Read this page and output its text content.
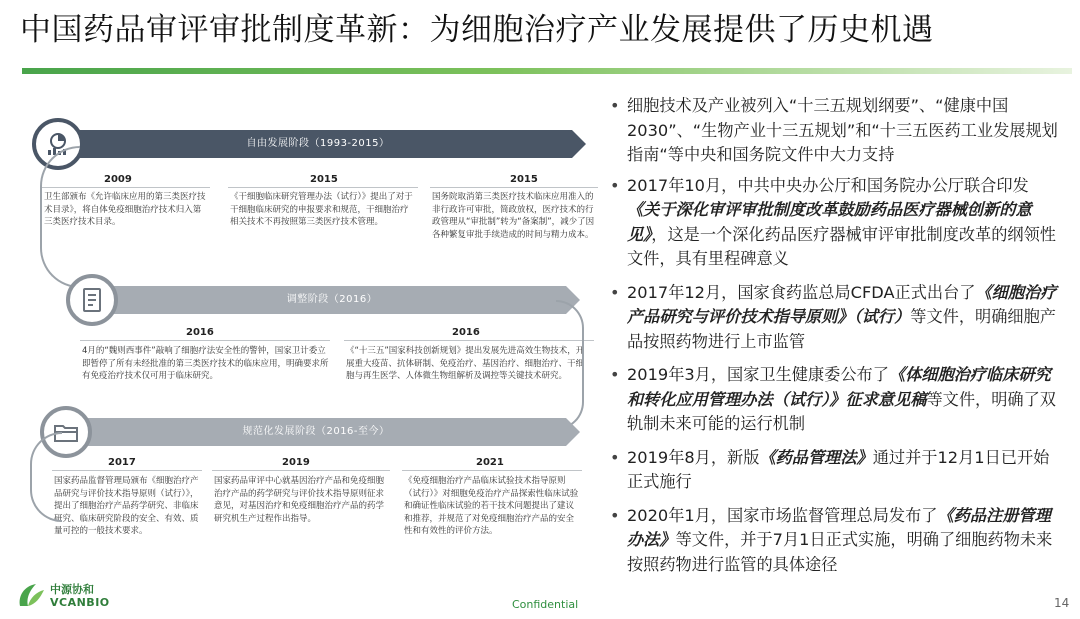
中国药品审评审批制度革新：为细胞治疗产业发展提供了历史机遇
自由发展阶段（1993-2015）
2009
卫生部颁布《允许临床应用的第三类医疗技术目录》，将自体免疫细胞治疗技术归入第三类医疗技术目录。
2015
《干细胞临床研究管理办法（试行）》提出了对于干细胞临床研究的申报要求和规范，干细胞治疗相关技术不再按照第三类医疗技术管理。
2015
国务院取消第三类医疗技术临床应用准入的非行政许可审批，简政放权，医疗技术的行政管理从“审批制”转为“备案制”，减少了因各种繁复审批手续造成的时间与精力成本。
调整阶段（2016）
2016
4月的“魏则西事件”敲响了细胞疗法安全性的警钟，国家卫计委立即暂停了所有未经批准的第三类医疗技术的临床应用，明确要求所有免疫治疗技术仅可用于临床研究。
2016
《“十三五”国家科技创新规划》提出发展先进高效生物技术，开展重大疫苗、抗体研制、免疫治疗、基因治疗、细胞治疗、干细胞与再生医学、人体微生物组解析及调控等关键技术研究。
规范化发展阶段（2016-至今）
2017
国家药品监督管理局颁布《细胞治疗产品研究与评价技术指导原则（试行）》，提出了细胞治疗产品药学研究、非临床研究、临床研究阶段的安全、有效、质量可控的一般技术要求。
2019
国家药品审评中心就基因治疗产品和免疫细胞治疗产品的药学研究与评价技术指导原则征求意见，对基因治疗和免疫细胞治疗产品的药学研究机生产过程作出指导。
2021
《免疫细胞治疗产品临床试验技术指导原则（试行）》对细胞免疫治疗产品探索性临床试验和确证性临床试验的若干技术问题提出了建议和推荐，并规范了对免疫细胞治疗产品的安全性和有效性的评价方法。
• 细胞技术及产业被列入“十三五规划纲要”、“健康中国2030”、“生物产业十三五规划”和“十三五医药工业发展规划指南“等中央和国务院文件中大力支持
• 2017年10月，中共中央办公厅和国务院办公厅联合印发《关于深化审评审批制度改革鼓励药品医疗器械创新的意见》，这是一个深化药品医疗器械审评审批制度改革的纲领性文件，具有里程碑意义
• 2017年12月，国家食药监总局CFDA正式出台了《细胞治疗产品研究与评价技术指导原则》（试行）等文件，明确细胞产品按照药物进行上市监管
• 2019年3月，国家卫生健康委公布了《体细胞治疗临床研究和转化应用管理办法（试行）》征求意见稿等文件，明确了双轨制未来可能的运行机制
• 2019年8月，新版《药品管理法》通过并于12月1日已开始正式施行
• 2020年1月，国家市场监督管理总局发布了《药品注册管理办法》等文件，并于7月1日正式实施，明确了细胞药物未来按照药物进行监管的具体途径
中源协和
VCANBIO	Confidential	14
